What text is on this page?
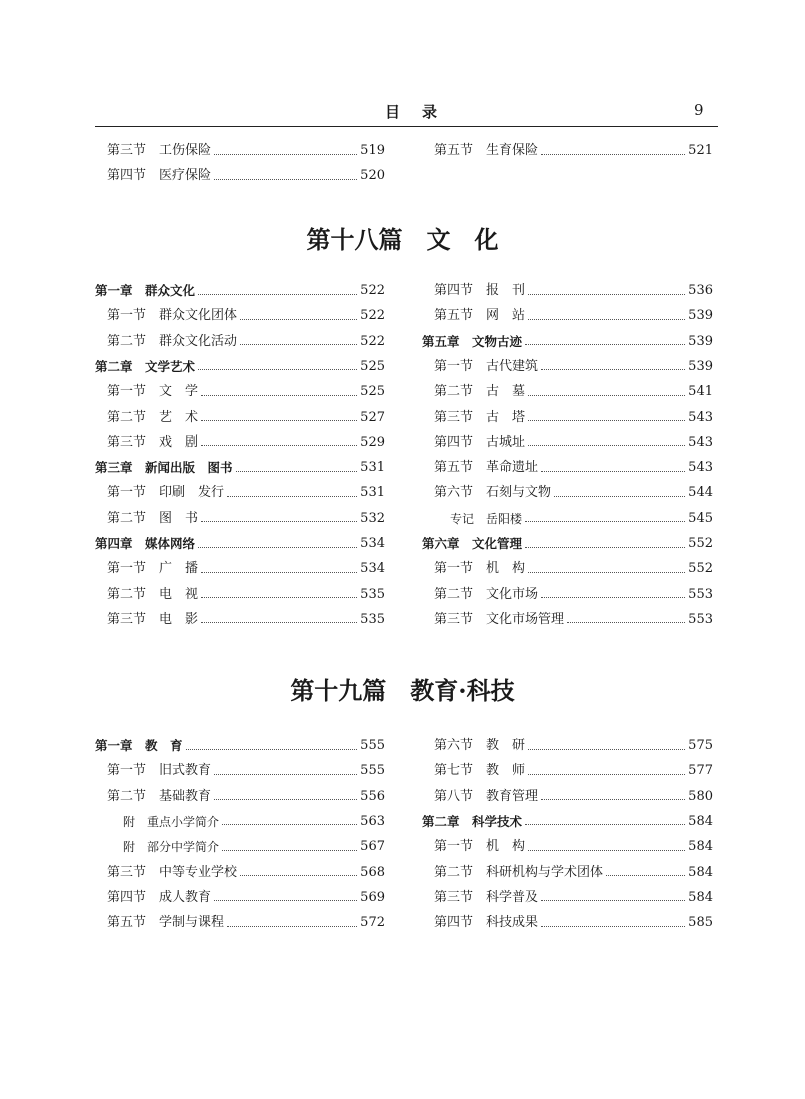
目录	9
第十八篇　文　化
第十九篇　教育·科技
第三节　工伤保险	519
第四节　医疗保险	520
第五节　生育保险	521
第一章　群众文化	522
第一节　群众文化团体	522
第二节　群众文化活动	522
第二章　文学艺术	525
第一节　文　学	525
第二节　艺　术	527
第三节　戏　剧	529
第三章　新闻出版　图书	531
第一节　印刷　发行	531
第二节　图　书	532
第四章　媒体网络	534
第一节　广　播	534
第二节　电　视	535
第三节　电　影	535
第四节　报　刊	536
第五节　网　站	539
第五章　文物古迹	539
第一节　古代建筑	539
第二节　古　墓	541
第三节　古　塔	543
第四节　古城址	543
第五节　革命遗址	543
第六节　石刻与文物	544
专记　岳阳楼	545
第六章　文化管理	552
第一节　机　构	552
第二节　文化市场	553
第三节　文化市场管理	553
第一章　教　育	555
第一节　旧式教育	555
第二节　基础教育	556
附　重点小学简介	563
附　部分中学简介	567
第三节　中等专业学校	568
第四节　成人教育	569
第五节　学制与课程	572
第六节　教　研	575
第七节　教　师	577
第八节　教育管理	580
第二章　科学技术	584
第一节　机　构	584
第二节　科研机构与学术团体	584
第三节　科学普及	584
第四节　科技成果	585
